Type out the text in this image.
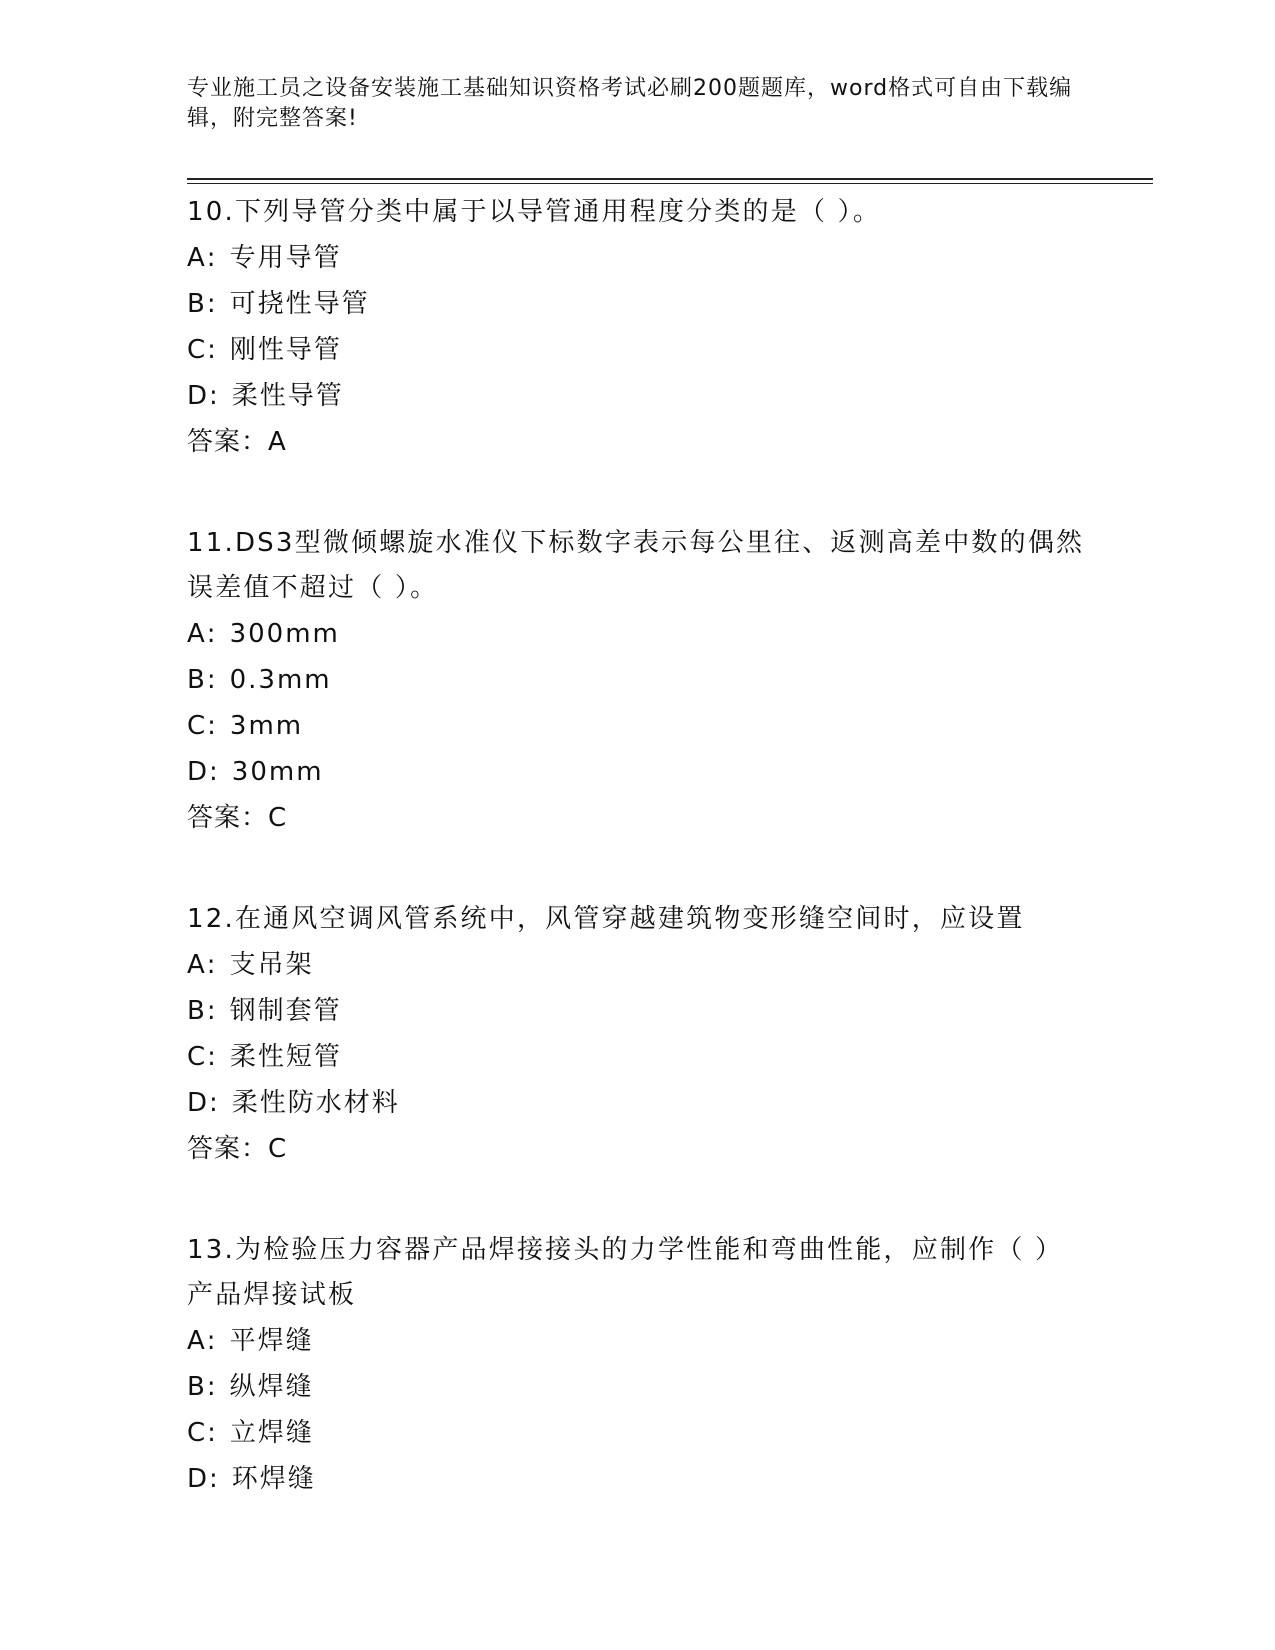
专业施工员之设备安装施工基础知识资格考试必刷200题题库，word格式可自由下载编辑，附完整答案!
10.下列导管分类中属于以导管通用程度分类的是（ ）。
A: 专用导管
B: 可挠性导管
C: 刚性导管
D: 柔性导管
答案：A
11.DS3型微倾螺旋水准仪下标数字表示每公里往、返测高差中数的偶然误差值不超过（ ）。
A: 300mm
B: 0.3mm
C: 3mm
D: 30mm
答案：C
12.在通风空调风管系统中，风管穿越建筑物变形缝空间时，应设置
A: 支吊架
B: 钢制套管
C: 柔性短管
D: 柔性防水材料
答案：C
13.为检验压力容器产品焊接接头的力学性能和弯曲性能，应制作（ ）产品焊接试板
A: 平焊缝
B: 纵焊缝
C: 立焊缝
D: 环焊缝
